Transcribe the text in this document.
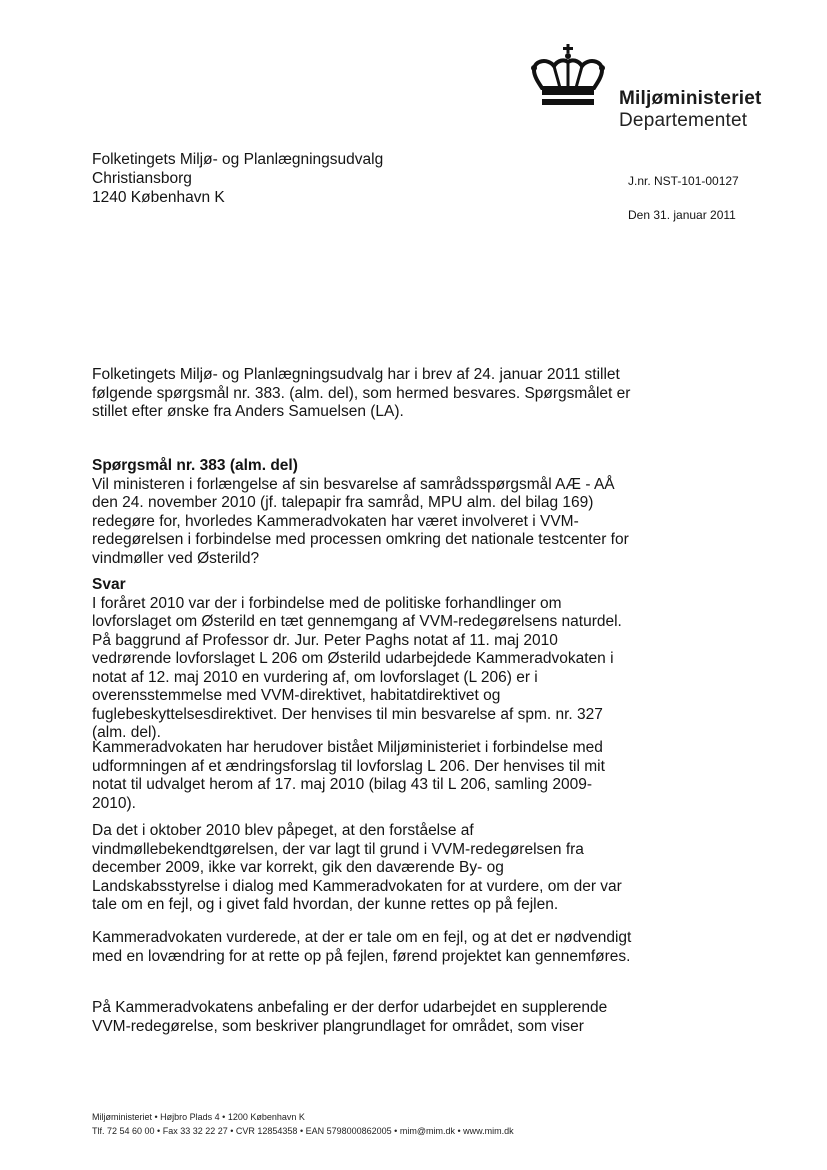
Miljøministeriet
Departementet
Folketingets Miljø- og Planlægningsudvalg
Christiansborg
1240 København K
J.nr. NST-101-00127
Den 31. januar 2011

Folketingets Miljø- og Planlægningsudvalg har i brev af 24. januar 2011 stillet følgende spørgsmål nr. 383. (alm. del), som hermed besvares. Spørgsmålet er stillet efter ønske fra Anders Samuelsen (LA).

Spørgsmål nr. 383 (alm. del)

Vil ministeren i forlængelse af sin besvarelse af samrådsspørgsmål AÆ - AÅ den 24. november 2010 (jf. talepapir fra samråd, MPU alm. del bilag 169) redegøre for, hvorledes Kammeradvokaten har været involveret i VVM-redegørelsen i forbindelse med processen omkring det nationale testcenter for vindmøller ved Østerild?

Svar

I foråret 2010 var der i forbindelse med de politiske forhandlinger om lovforslaget om Østerild en tæt gennemgang af VVM-redegørelsens naturdel. På baggrund af Professor dr. Jur. Peter Paghs notat af 11. maj 2010 vedrørende lovforslaget L 206 om Østerild udarbejdede Kammeradvokaten i notat af 12. maj 2010 en vurdering af, om lovforslaget (L 206) er i overensstemmelse med VVM-direktivet, habitatdirektivet og fuglebeskyttelsesdirektivet. Der henvises til min besvarelse af spm. nr. 327 (alm. del).

Kammeradvokaten har herudover bistået Miljøministeriet i forbindelse med udformningen af et ændringsforslag til lovforslag L 206. Der henvises til mit notat til udvalget herom af 17. maj 2010 (bilag 43 til L 206, samling 2009-2010).

Da det i oktober 2010 blev påpeget, at den forståelse af vindmøllebekendtgørelsen, der var lagt til grund i VVM-redegørelsen fra december 2009, ikke var korrekt, gik den daværende By- og Landskabsstyrelse i dialog med Kammeradvokaten for at vurdere, om der var tale om en fejl, og i givet fald hvordan, der kunne rettes op på fejlen.

Kammeradvokaten vurderede, at der er tale om en fejl, og at det er nødvendigt med en lovændring for at rette op på fejlen, førend projektet kan gennemføres.

På Kammeradvokatens anbefaling er der derfor udarbejdet en supplerende VVM-redegørelse, som beskriver plangrundlaget for området, som viser

Miljøministeriet • Højbro Plads 4 • 1200 København K
Tlf. 72 54 60 00 • Fax 33 32 22 27 • CVR 12854358 • EAN 5798000862005 • mim@mim.dk • www.mim.dk
